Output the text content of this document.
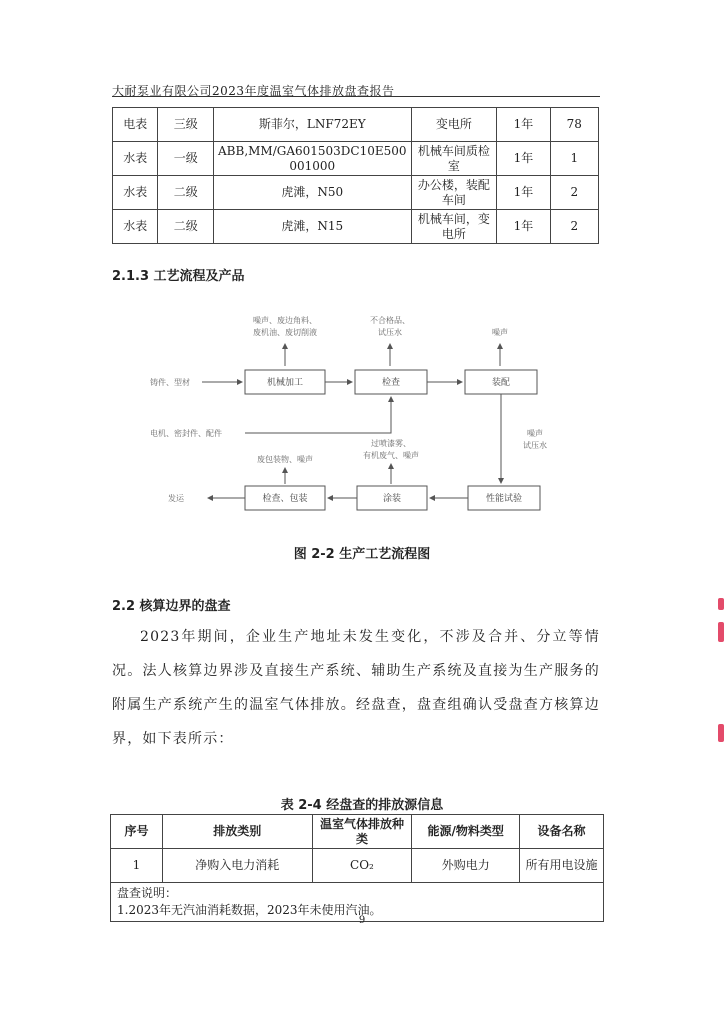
大耐泵业有限公司2023年度温室气体排放盘查报告
电表	三级	斯菲尔，LNF72EY	变电所	1年	78
水表	一级	ABB,MM/GA601503DC10E500 001000	机械车间质检室	1年	1
水表	二级	虎滩，N50	办公楼，装配车间	1年	2
水表	二级	虎滩，N15	机械车间，变电所	1年	2
2.1.3 工艺流程及产品
噪声、废边角料、
废机油、废切削液
不合格品、
试压水	噪声
铸件、型材	机械加工	检查	装配
电机、密封件、配件	噪声
试压水
过喷漆雾、
有机废气、噪声
废包装物、噪声
性能试验
涂装
检查、包装
发运
图 2-2 生产工艺流程图
2.2 核算边界的盘查
2023年期间，企业生产地址未发生变化，不涉及合并、分立等情况。法人核算边界涉及直接生产系统、辅助生产系统及直接为生产服务的附属生产系统产生的温室气体排放。经盘查，盘查组确认受盘查方核算边界，如下表所示：
表 2-4 经盘查的排放源信息
序号	排放类别	温室气体排放种类	能源/物料类型	设备名称
1	净购入电力消耗	CO₂	外购电力	所有用电设施

盘查说明：
1.2023年无汽油消耗数据，2023年未使用汽油。				
9
